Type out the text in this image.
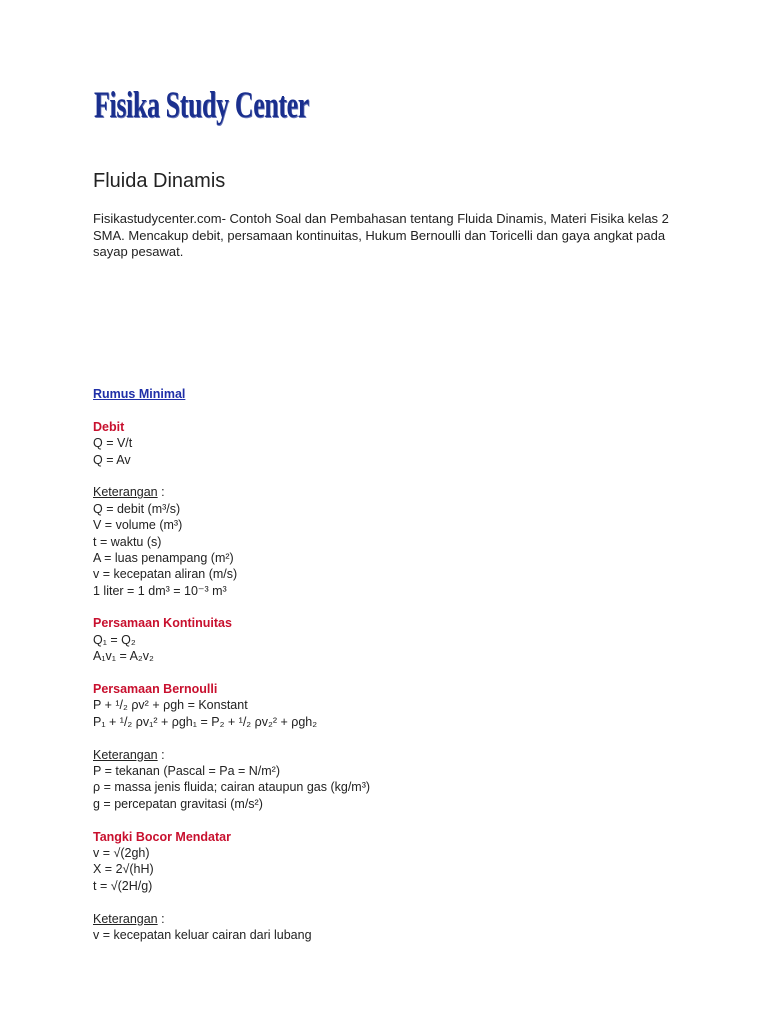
Fisika Study Center
Fluida Dinamis
Fisikastudycenter.com- Contoh Soal dan Pembahasan tentang Fluida Dinamis, Materi Fisika kelas 2
SMA. Mencakup debit, persamaan kontinuitas, Hukum Bernoulli dan Toricelli dan gaya angkat pada
sayap pesawat.
Rumus Minimal
Debit
Q = V/t
Q = Av
Keterangan :
Q = debit (m³/s)
V = volume (m³)
t = waktu (s)
A = luas penampang (m²)
v = kecepatan aliran (m/s)
1 liter = 1 dm³ = 10⁻³ m³
Persamaan Kontinuitas
Q₁ = Q₂
A₁v₁ = A₂v₂
Persamaan Bernoulli
P + ¹/₂ ρv² + ρgh = Konstant
P₁ + ¹/₂ ρv₁² + ρgh₁ = P₂ + ¹/₂ ρv₂² + ρgh₂
Keterangan :
P = tekanan (Pascal = Pa = N/m²)
ρ = massa jenis fluida; cairan ataupun gas (kg/m³)
g = percepatan gravitasi (m/s²)
Tangki Bocor Mendatar
v = √(2gh)
X = 2√(hH)
t = √(2H/g)
Keterangan :
v = kecepatan keluar cairan dari lubang
